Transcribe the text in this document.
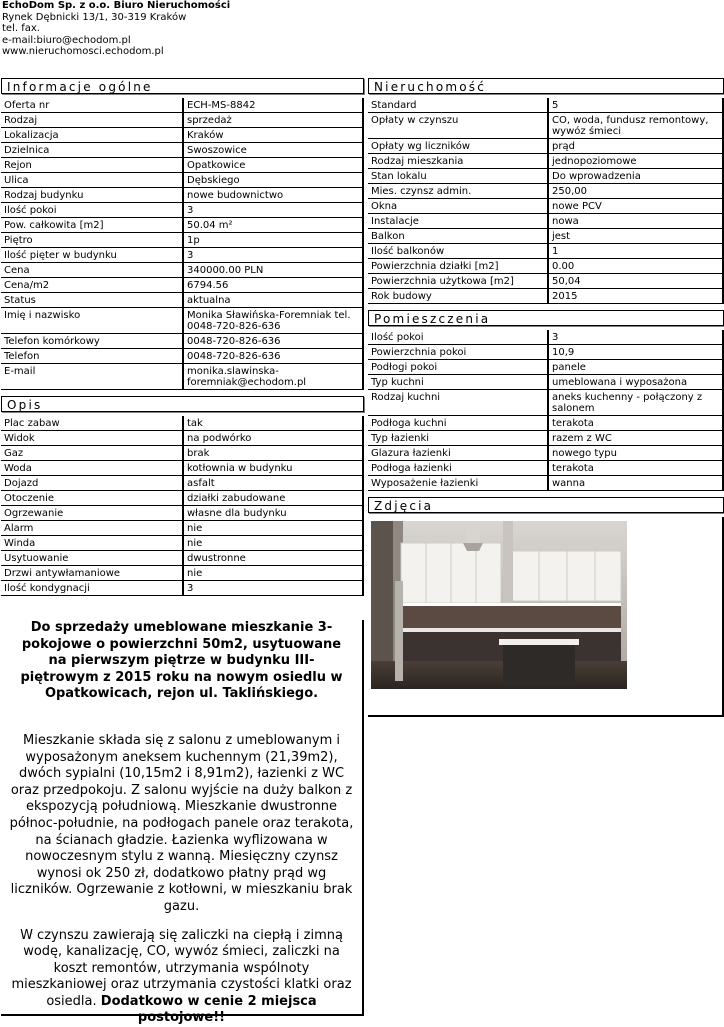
EchoDom Sp. z o.o. Biuro Nieruchomości
Rynek Dębnicki 13/1, 30-319 Kraków
tel. fax.
e-mail:biuro@echodom.pl
www.nieruchomosci.echodom.pl
Informacje ogólne
Oferta nr	ECH-MS-8842
Rodzaj	sprzedaż
Lokalizacja	Kraków
Dzielnica	Swoszowice
Rejon	Opatkowice
Ulica	Dębskiego
Rodzaj budynku	nowe budownictwo
Ilość pokoi	3
Pow. całkowita [m2]	50.04 m²
Piętro	1p
Ilość pięter w budynku	3
Cena	340000.00 PLN
Cena/m2	6794.56
Status	aktualna
Imię i nazwisko	Monika Sławińska-Foremniak tel. 0048-720-826-636
Telefon komórkowy	0048-720-826-636
Telefon	0048-720-826-636
E-mail	monika.slawinska-foremniak@echodom.pl
Opis
Plac zabaw	tak
Widok	na podwórko
Gaz	brak
Woda	kotłownia w budynku
Dojazd	asfalt
Otoczenie	działki zabudowane
Ogrzewanie	własne dla budynku
Alarm	nie
Winda	nie
Usytuowanie	dwustronne
Drzwi antywłamaniowe	nie
Ilość kondygnacji	3
Do sprzedaży umeblowane mieszkanie 3-pokojowe o powierzchni 50m2, usytuowane na pierwszym piętrze w budynku III-piętrowym z 2015 roku na nowym osiedlu w Opatkowicach, rejon ul. Taklińskiego.

Mieszkanie składa się z salonu z umeblowanym i wyposażonym aneksem kuchennym (21,39m2), dwóch sypialni (10,15m2 i 8,91m2), łazienki z WC oraz przedpokoju. Z salonu wyjście na duży balkon z ekspozycją południową. Mieszkanie dwustronne północ-południe, na podłogach panele oraz terakota, na ścianach gładzie. Łazienka wyflizowana w nowoczesnym stylu z wanną. Miesięczny czynsz wynosi ok 250 zł, dodatkowo płatny prąd wg liczników. Ogrzewanie z kotłowni, w mieszkaniu brak gazu.

W czynszu zawierają się zaliczki na ciepłą i zimną wodę, kanalizację, CO, wywóz śmieci, zaliczki na koszt remontów, utrzymania wspólnoty mieszkaniowej oraz utrzymania czystości klatki oraz osiedla. Dodatkowo w cenie 2 miejsca postojowe!!

Nieruchomość
Standard	5
Opłaty w czynszu	CO, woda, fundusz remontowy, wywóz śmieci
Opłaty wg liczników	prąd
Rodzaj mieszkania	jednopoziomowe
Stan lokalu	Do wprowadzenia
Mies. czynsz admin.	250,00
Okna	nowe PCV
Instalacje	nowa
Balkon	jest
Ilość balkonów	1
Powierzchnia działki [m2]	0.00
Powierzchnia użytkowa [m2]	50,04
Rok budowy	2015
Pomieszczenia
Ilość pokoi	3
Powierzchnia pokoi	10,9
Podłogi pokoi	panele
Typ kuchni	umeblowana i wyposażona
Rodzaj kuchni	aneks kuchenny - połączony z salonem
Podłoga kuchni	terakota
Typ łazienki	razem z WC
Glazura łazienki	nowego typu
Podłoga łazienki	terakota
Wyposażenie łazienki	wanna
Zdjęcia
